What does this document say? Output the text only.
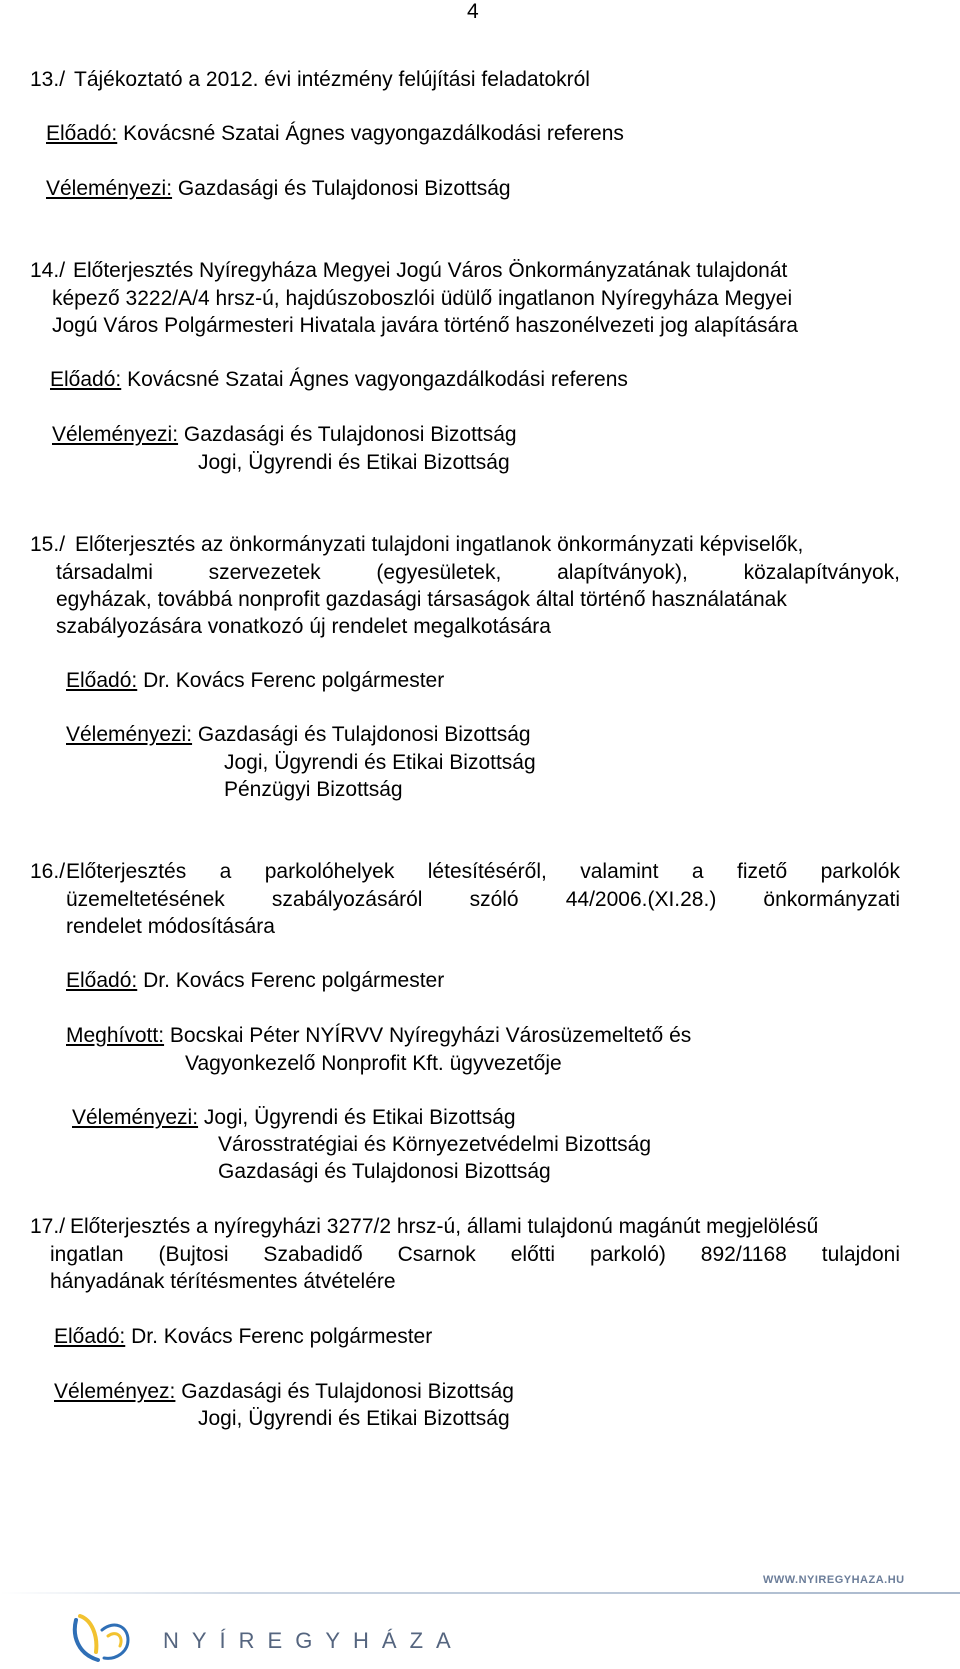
4
13./ Tájékoztató a 2012. évi intézmény felújítási feladatokról
Előadó: Kovácsné Szatai Ágnes vagyongazdálkodási referens
Véleményezi: Gazdasági és Tulajdonosi Bizottság
14./ Előterjesztés Nyíregyháza Megyei Jogú Város Önkormányzatának tulajdonát
képező 3222/A/4 hrsz-ú, hajdúszoboszlói üdülő ingatlanon Nyíregyháza Megyei
Jogú Város Polgármesteri Hivatala javára történő haszonélvezeti jog alapítására
Előadó: Kovácsné Szatai Ágnes vagyongazdálkodási referens
Véleményezi: Gazdasági és Tulajdonosi Bizottság
Jogi, Ügyrendi és Etikai Bizottság
15./ Előterjesztés az önkormányzati tulajdoni ingatlanok önkormányzati képviselők,
társadalmi szervezetek (egyesületek, alapítványok), közalapítványok,
egyházak, továbbá nonprofit gazdasági társaságok által történő használatának
szabályozására vonatkozó új rendelet megalkotására
Előadó: Dr. Kovács Ferenc polgármester
Véleményezi: Gazdasági és Tulajdonosi Bizottság
Jogi, Ügyrendi és Etikai Bizottság
Pénzügyi Bizottság
16./ Előterjesztés a parkolóhelyek létesítéséről, valamint a fizető parkolók
üzemeltetésének szabályozásáról szóló 44/2006.(XI.28.) önkormányzati
rendelet módosítására
Előadó: Dr. Kovács Ferenc polgármester
Meghívott: Bocskai Péter NYÍRVV Nyíregyházi Városüzemeltető és
Vagyonkezelő Nonprofit Kft. ügyvezetője
Véleményezi: Jogi, Ügyrendi és Etikai Bizottság
Városstratégiai és Környezetvédelmi Bizottság
Gazdasági és Tulajdonosi Bizottság
17./ Előterjesztés a nyíregyházi 3277/2 hrsz-ú, állami tulajdonú magánút megjelölésű
ingatlan (Bujtosi Szabadidő Csarnok előtti parkoló) 892/1168 tulajdoni
hányadának térítésmentes átvételére
Előadó: Dr. Kovács Ferenc polgármester
Véleményez: Gazdasági és Tulajdonosi Bizottság
Jogi, Ügyrendi és Etikai Bizottság
WWW.NYIREGYHAZA.HU
NYÍREGYHÁZA
